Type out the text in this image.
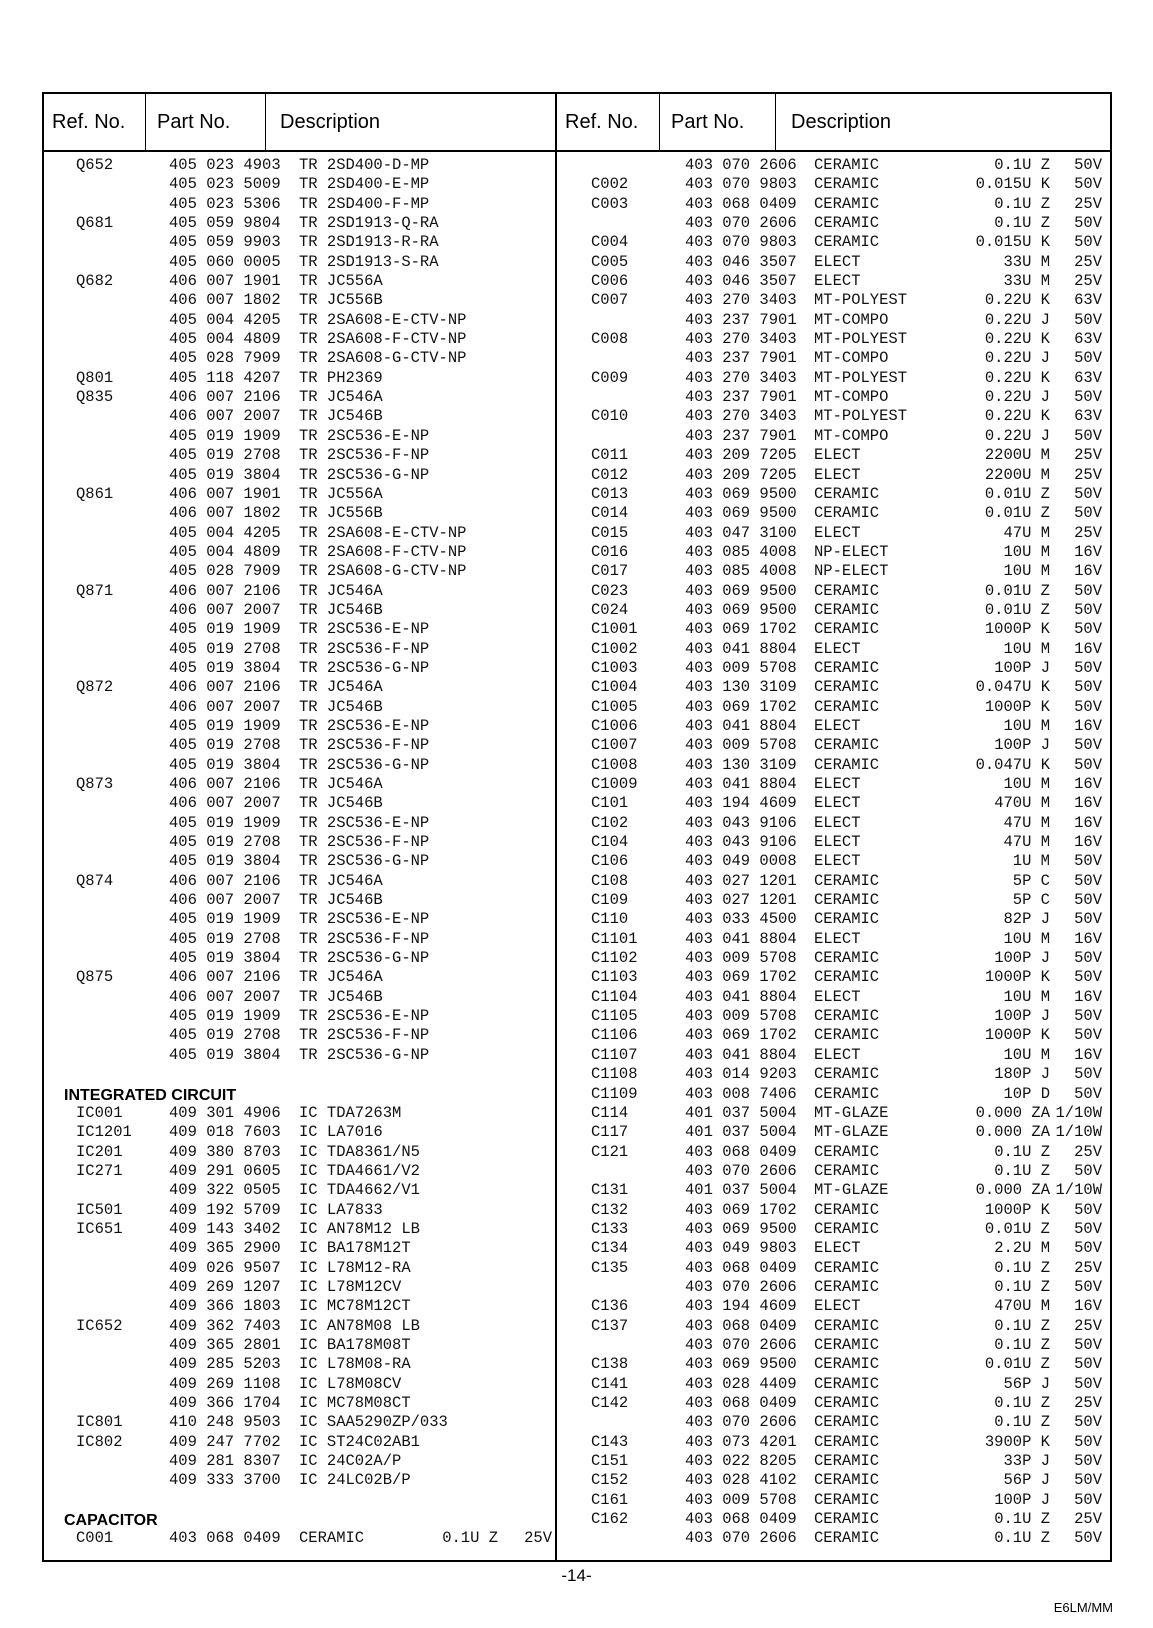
Ref. No. Part No. Description	Ref. No. Part No. Description
Q652	405 023 4903 TR 2SD400-D-MP
405 023 5009 TR 2SD400-E-MP
405 023 5306 TR 2SD400-F-MP
Q681	405 059 9804 TR 2SD1913-Q-RA
405 059 9903 TR 2SD1913-R-RA
405 060 0005 TR 2SD1913-S-RA
Q682	406 007 1901 TR JC556A
406 007 1802 TR JC556B
405 004 4205 TR 2SA608-E-CTV-NP
405 004 4809 TR 2SA608-F-CTV-NP
405 028 7909 TR 2SA608-G-CTV-NP
Q801	405 118 4207 TR PH2369
Q835	406 007 2106 TR JC546A
406 007 2007 TR JC546B
405 019 1909 TR 2SC536-E-NP
405 019 2708 TR 2SC536-F-NP
405 019 3804 TR 2SC536-G-NP
Q861	406 007 1901 TR JC556A
406 007 1802 TR JC556B
405 004 4205 TR 2SA608-E-CTV-NP
405 004 4809 TR 2SA608-F-CTV-NP
405 028 7909 TR 2SA608-G-CTV-NP
Q871	406 007 2106 TR JC546A
406 007 2007 TR JC546B
405 019 1909 TR 2SC536-E-NP
405 019 2708 TR 2SC536-F-NP
405 019 3804 TR 2SC536-G-NP
Q872	406 007 2106 TR JC546A
406 007 2007 TR JC546B
405 019 1909 TR 2SC536-E-NP
405 019 2708 TR 2SC536-F-NP
405 019 3804 TR 2SC536-G-NP
Q873	406 007 2106 TR JC546A
406 007 2007 TR JC546B
405 019 1909 TR 2SC536-E-NP
405 019 2708 TR 2SC536-F-NP
405 019 3804 TR 2SC536-G-NP
Q874	406 007 2106 TR JC546A
406 007 2007 TR JC546B
405 019 1909 TR 2SC536-E-NP
405 019 2708 TR 2SC536-F-NP
405 019 3804 TR 2SC536-G-NP
Q875	406 007 2106 TR JC546A
406 007 2007 TR JC546B
405 019 1909 TR 2SC536-E-NP
405 019 2708 TR 2SC536-F-NP
405 019 3804 TR 2SC536-G-NP
INTEGRATED CIRCUIT
IC001	409 301 4906 IC TDA7263M
IC1201 409 018 7603 IC LA7016
IC201	409 380 8703 IC TDA8361/N5
IC271	409 291 0605 IC TDA4661/V2
409 322 0505 IC TDA4662/V1
IC501	409 192 5709 IC LA7833
IC651	409 143 3402 IC AN78M12 LB
409 365 2900 IC BA178M12T
409 026 9507 IC L78M12-RA
409 269 1207 IC L78M12CV
409 366 1803 IC MC78M12CT
IC652	409 362 7403 IC AN78M08 LB
409 365 2801 IC BA178M08T
409 285 5203 IC L78M08-RA
409 269 1108 IC L78M08CV
409 366 1704 IC MC78M08CT
IC801	410 248 9503 IC SAA5290ZP/033
IC802	409 247 7702 IC ST24C02AB1
409 281 8307 IC 24C02A/P
409 333 3700 IC 24LC02B/P
CAPACITOR
C001	403 068 0409 CERAMIC	0.1U Z 25V
403 070 2606 CERAMIC	0.1U Z 50V
C002	403 070 9803 CERAMIC	0.015U K 50V
C003	403 068 0409 CERAMIC	0.1U Z 25V
403 070 2606 CERAMIC	0.1U Z 50V
C004	403 070 9803 CERAMIC	0.015U K 50V
C005	403 046 3507 ELECT	33U M 25V
C006	403 046 3507 ELECT	33U M 25V
C007	403 270 3403 MT-POLYEST	0.22U K 63V
403 237 7901 MT-COMPO	0.22U J 50V
C008	403 270 3403 MT-POLYEST	0.22U K 63V
403 237 7901 MT-COMPO	0.22U J 50V
C009	403 270 3403 MT-POLYEST	0.22U K 63V
403 237 7901 MT-COMPO	0.22U J 50V
C010	403 270 3403 MT-POLYEST	0.22U K 63V
403 237 7901 MT-COMPO	0.22U J 50V
C011	403 209 7205 ELECT	2200U M 25V
C012	403 209 7205 ELECT	2200U M 25V
C013	403 069 9500 CERAMIC	0.01U Z 50V
C014	403 069 9500 CERAMIC	0.01U Z 50V
C015	403 047 3100 ELECT	47U M 25V
C016	403 085 4008 NP-ELECT	10U M 16V
C017	403 085 4008 NP-ELECT	10U M 16V
C023	403 069 9500 CERAMIC	0.01U Z 50V
C024	403 069 9500 CERAMIC	0.01U Z 50V
C1001	403 069 1702 CERAMIC	1000P K 50V
C1002	403 041 8804 ELECT	10U M 16V
C1003	403 009 5708 CERAMIC	100P J 50V
C1004	403 130 3109 CERAMIC	0.047U K 50V
C1005	403 069 1702 CERAMIC	1000P K 50V
C1006	403 041 8804 ELECT	10U M 16V
C1007	403 009 5708 CERAMIC	100P J 50V
C1008	403 130 3109 CERAMIC	0.047U K 50V
C1009	403 041 8804 ELECT	10U M 16V
C101	403 194 4609 ELECT	470U M 16V
C102	403 043 9106 ELECT	47U M 16V
C104	403 043 9106 ELECT	47U M 16V
C106	403 049 0008 ELECT	1U M 50V
C108	403 027 1201 CERAMIC	5P C 50V
C109	403 027 1201 CERAMIC	5P C 50V
C110	403 033 4500 CERAMIC	82P J 50V
C1101	403 041 8804 ELECT	10U M 16V
C1102	403 009 5708 CERAMIC	100P J 50V
C1103	403 069 1702 CERAMIC	1000P K 50V
C1104	403 041 8804 ELECT	10U M 16V
C1105	403 009 5708 CERAMIC	100P J 50V
C1106	403 069 1702 CERAMIC	1000P K 50V
C1107	403 041 8804 ELECT	10U M 16V
C1108	403 014 9203 CERAMIC	180P J 50V
C1109	403 008 7406 CERAMIC	10P D 50V
C114	401 037 5004 MT-GLAZE	0.000 ZA 1/10W
C117	401 037 5004 MT-GLAZE	0.000 ZA 1/10W
C121	403 068 0409 CERAMIC	0.1U Z 25V
403 070 2606 CERAMIC	0.1U Z 50V
C131	401 037 5004 MT-GLAZE	0.000 ZA 1/10W
C132	403 069 1702 CERAMIC	1000P K 50V
C133	403 069 9500 CERAMIC	0.01U Z 50V
C134	403 049 9803 ELECT	2.2U M 50V
C135	403 068 0409 CERAMIC	0.1U Z 25V
403 070 2606 CERAMIC	0.1U Z 50V
C136	403 194 4609 ELECT	470U M 16V
C137	403 068 0409 CERAMIC	0.1U Z 25V
403 070 2606 CERAMIC	0.1U Z 50V
C138	403 069 9500 CERAMIC	0.01U Z 50V
C141	403 028 4409 CERAMIC	56P J 50V
C142	403 068 0409 CERAMIC	0.1U Z 25V
403 070 2606 CERAMIC	0.1U Z 50V
C143	403 073 4201 CERAMIC	3900P K 50V
C151	403 022 8205 CERAMIC	33P J 50V
C152	403 028 4102 CERAMIC	56P J 50V
C161	403 009 5708 CERAMIC	100P J 50V
C162	403 068 0409 CERAMIC	0.1U Z 25V
403 070 2606 CERAMIC	0.1U Z 50V
-14-
E6LM/MM
